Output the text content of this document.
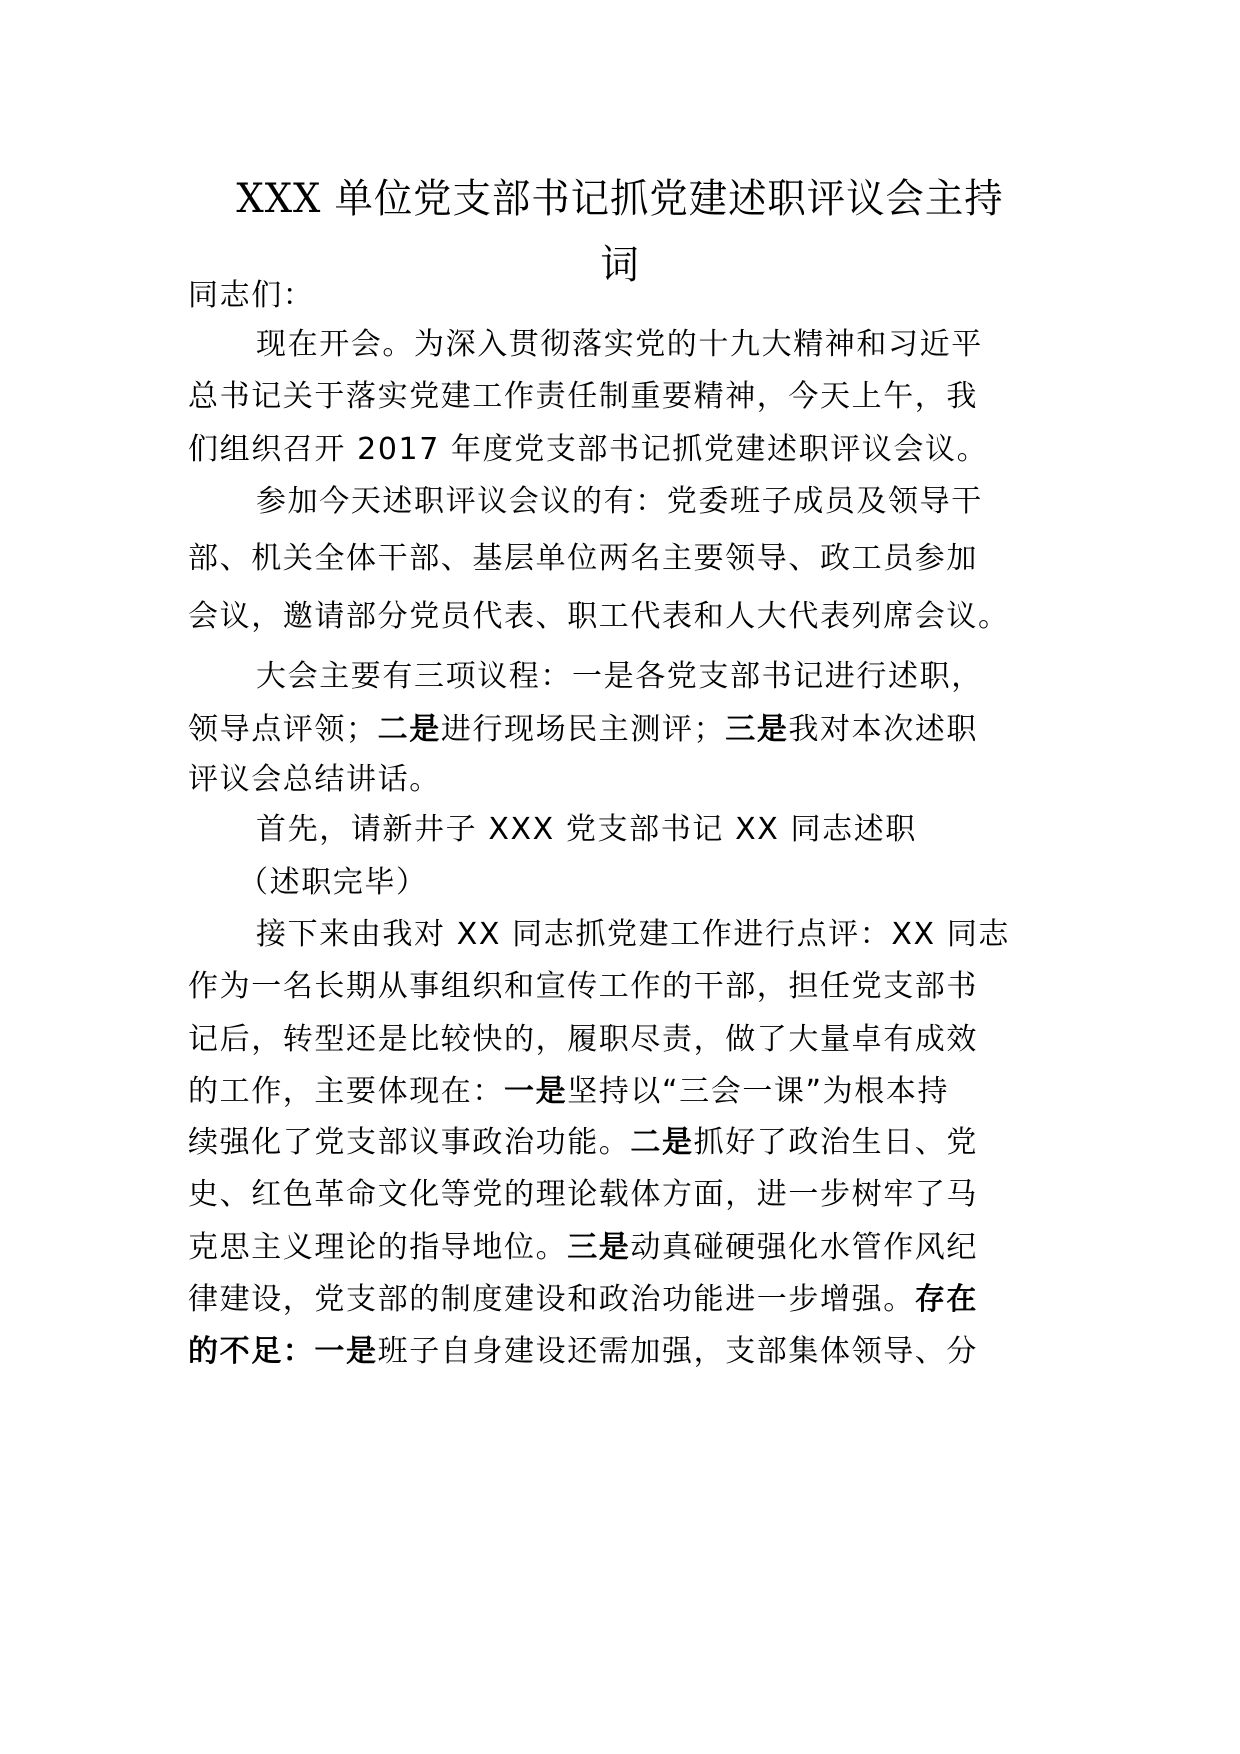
XXX 单位党支部书记抓党建述职评议会主持
词
同志们：
现在开会。为深入贯彻落实党的十九大精神和习近平
总书记关于落实党建工作责任制重要精神，今天上午，我
们组织召开 2017 年度党支部书记抓党建述职评议会议。
参加今天述职评议会议的有：党委班子成员及领导干
部、机关全体干部、基层单位两名主要领导、政工员参加
会议，邀请部分党员代表、职工代表和人大代表列席会议。
大会主要有三项议程：一是各党支部书记进行述职，
领导点评领；二是进行现场民主测评；三是我对本次述职
评议会总结讲话。
首先，请新井子 XXX 党支部书记 XX 同志述职
（述职完毕）
接下来由我对 XX 同志抓党建工作进行点评：XX 同志
作为一名长期从事组织和宣传工作的干部，担任党支部书
记后，转型还是比较快的，履职尽责，做了大量卓有成效
的工作，主要体现在：一是坚持以“三会一课”为根本持
续强化了党支部议事政治功能。二是抓好了政治生日、党
史、红色革命文化等党的理论载体方面，进一步树牢了马
克思主义理论的指导地位。三是动真碰硬强化水管作风纪
律建设，党支部的制度建设和政治功能进一步增强。存在
的不足：一是班子自身建设还需加强，支部集体领导、分
